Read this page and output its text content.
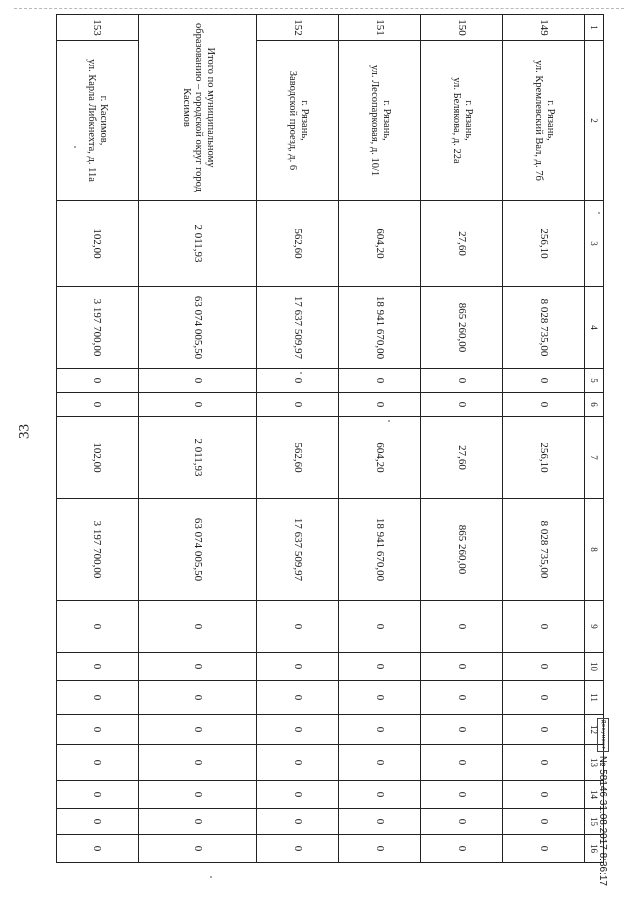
33
1	2	3	4	5	6	7	8	9	10	11	12	13	14	15	16
149	г. Рязань,
ул. Кремлевский Вал, д. 7б	256,10	8 028 735,00	0	0	256,10	8 028 735,00	0	0	0	0	0	0	0	0
150	г. Рязань,
ул. Белякова, д. 22а	27,60	865 260,00	0	0	27,60	865 260,00	0	0	0	0	0	0	0	0
151	г. Рязань,
ул. Лесопарковая, д. 10/1	604,20	18 941 670,00	0	0	604,20	18 941 670,00	0	0	0	0	0	0	0	0
152	г. Рязань,
Заводской проезд, д. 6	562,60	17 637 509,97	0	0	562,60	17 637 509,97	0	0	0	0	0	0	0	0

Итого по муниципальному
образованию – городской округ город
Касимов		2 011,93	63 074 005,50	0	0	2 011,93	63 074 005,50	0	0	0	0	0	0	0	0
153	г. Касимов,
ул. Карла Либкнехта, д. 11а	102,00	3 197 700,00	0	0	102,00	3 197 700,00	0	0	0	0	0	0	0	0
Документ
№ 58146 31.08.2017 8:36:17
